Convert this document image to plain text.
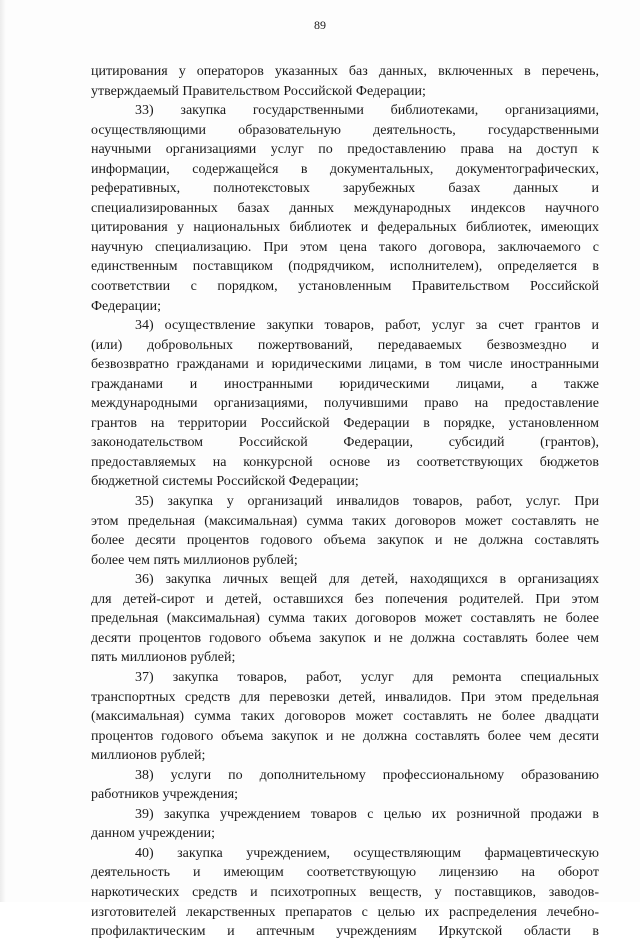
89
цитирования у операторов указанных баз данных, включенных в перечень,
утверждаемый Правительством Российской Федерации;
33) закупка государственными библиотеками, организациями,
осуществляющими образовательную деятельность, государственными
научными организациями услуг по предоставлению права на доступ к
информации, содержащейся в документальных, документографических,
реферативных, полнотекстовых зарубежных базах данных и
специализированных базах данных международных индексов научного
цитирования у национальных библиотек и федеральных библиотек, имеющих
научную специализацию. При этом цена такого договора, заключаемого с
единственным поставщиком (подрядчиком, исполнителем), определяется в
соответствии с порядком, установленным Правительством Российской
Федерации;
34) осуществление закупки товаров, работ, услуг за счет грантов и
(или) добровольных пожертвований, передаваемых безвозмездно и
безвозвратно гражданами и юридическими лицами, в том числе иностранными
гражданами и иностранными юридическими лицами, а также
международными организациями, получившими право на предоставление
грантов на территории Российской Федерации в порядке, установленном
законодательством Российской Федерации, субсидий (грантов),
предоставляемых на конкурсной основе из соответствующих бюджетов
бюджетной системы Российской Федерации;
35) закупка у организаций инвалидов товаров, работ, услуг. При
этом предельная (максимальная) сумма таких договоров может составлять не
более десяти процентов годового объема закупок и не должна составлять
более чем пять миллионов рублей;
36) закупка личных вещей для детей, находящихся в организациях
для детей-сирот и детей, оставшихся без попечения родителей. При этом
предельная (максимальная) сумма таких договоров может составлять не более
десяти процентов годового объема закупок и не должна составлять более чем
пять миллионов рублей;
37) закупка товаров, работ, услуг для ремонта специальных
транспортных средств для перевозки детей, инвалидов. При этом предельная
(максимальная) сумма таких договоров может составлять не более двадцати
процентов годового объема закупок и не должна составлять более чем десяти
миллионов рублей;
38) услуги по дополнительному профессиональному образованию
работников учреждения;
39) закупка учреждением товаров с целью их розничной продажи в
данном учреждении;
40) закупка учреждением, осуществляющим фармацевтическую
деятельность и имеющим соответствующую лицензию на оборот
наркотических средств и психотропных веществ, у поставщиков, заводов-
изготовителей лекарственных препаратов с целью их распределения лечебно-
профилактическим и аптечным учреждениям Иркутской области в
